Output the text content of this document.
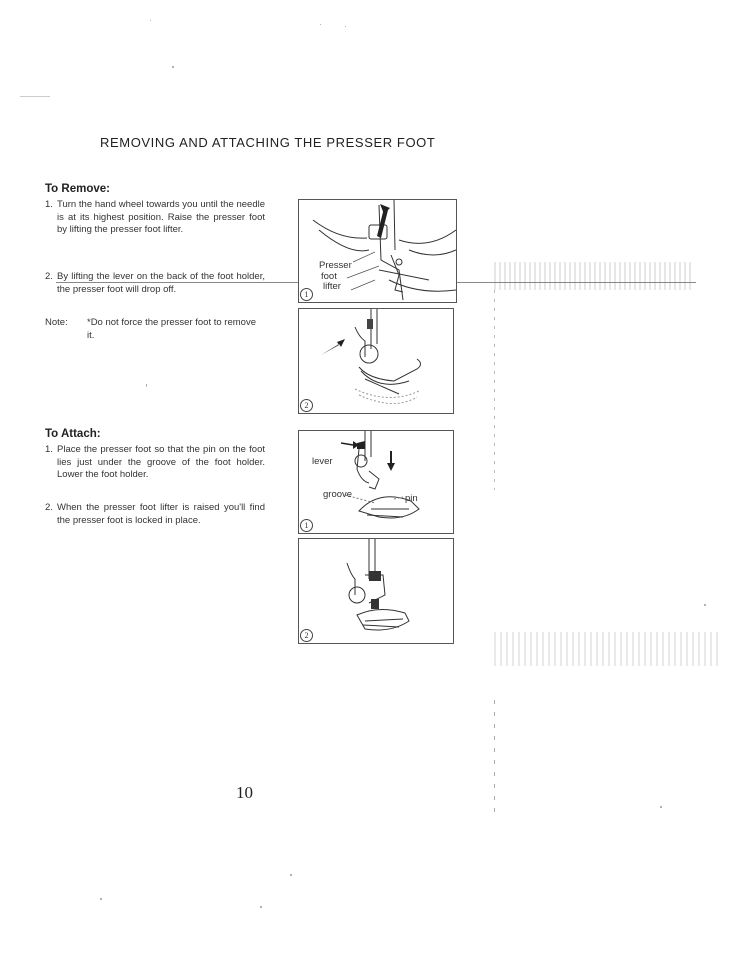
REMOVING AND ATTACHING THE PRESSER FOOT
To Remove:
1. Turn the hand wheel towards you until the needle is at its highest position. Raise the presser foot by lifting the presser foot lifter.
2. By lifting the lever on the back of the foot holder, the presser foot will drop off.
Note: *Do not force the presser foot to remove it.
To Attach:
1. Place the presser foot so that the pin on the foot lies just under the groove of the foot holder. Lower the foot holder.
2. When the presser foot lifter is raised you'll find the presser foot is locked in place.
10
Presser
foot
lifter
1
2
lever
groove	pin
1
2
